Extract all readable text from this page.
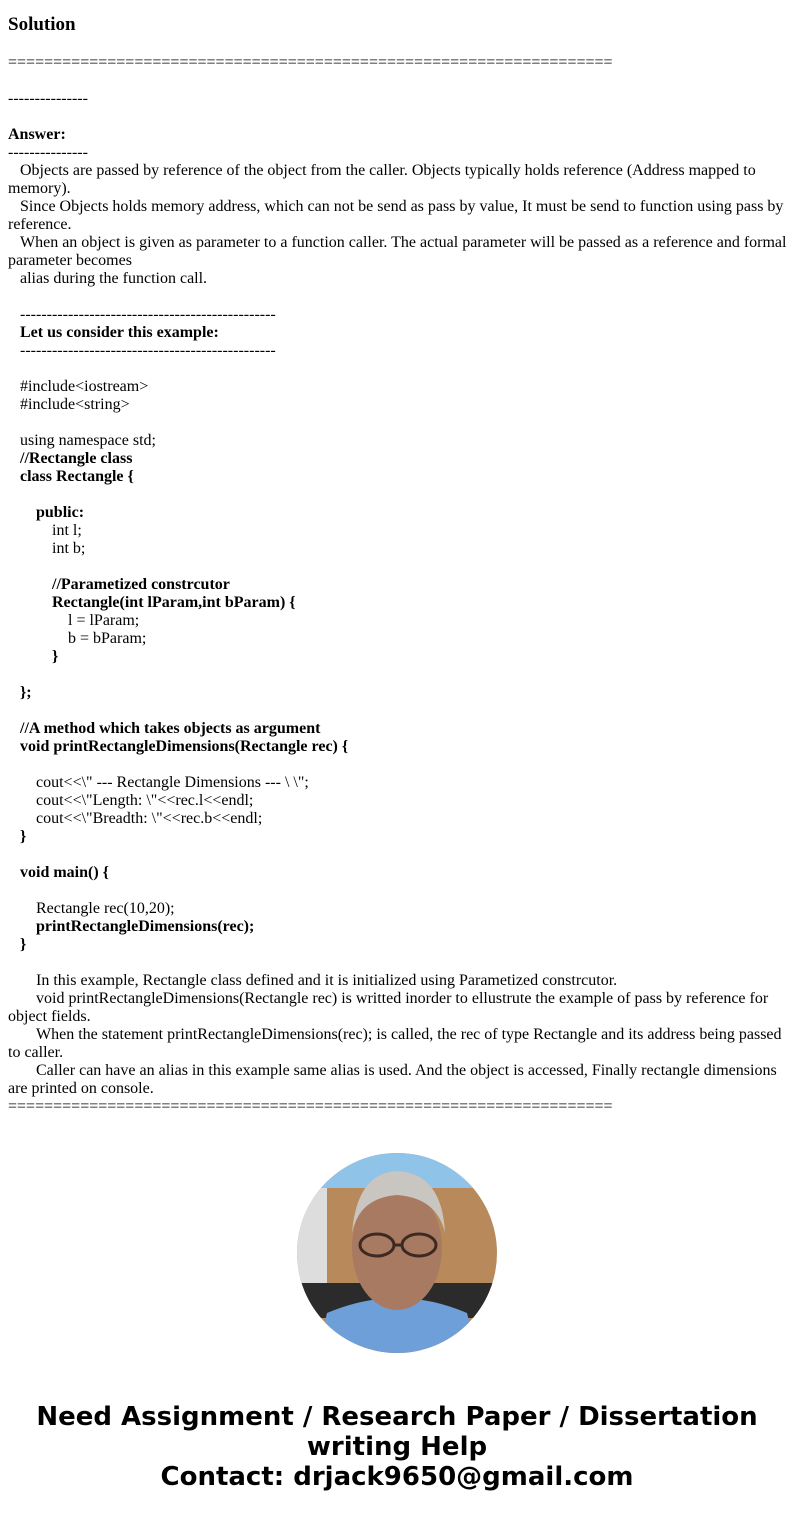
Solution
===================================================================
---------------
Answer:
---------------
Objects are passed by reference of the object from the caller. Objects typically holds reference (Address mapped to memory).
Since Objects holds memory address, which can not be send as pass by value, It must be send to function using pass by reference.
When an object is given as parameter to a function caller. The actual parameter will be passed as a reference and formal parameter becomes
alias during the function call.
------------------------------------------------
Let us consider this example:
------------------------------------------------
#include<iostream>
#include<string>
using namespace std;
//Rectangle class
class Rectangle {
public:
int l;
int b;
//Parametized constrcutor
Rectangle(int lParam,int bParam) {
l = lParam;
b = bParam;
}
};
//A method which takes objects as argument
void printRectangleDimensions(Rectangle rec) {
cout<<\" --- Rectangle Dimensions --- \ \";
cout<<\"Length: \"<<rec.l<<endl;
cout<<\"Breadth: \"<<rec.b<<endl;
}
void main() {
Rectangle rec(10,20);
printRectangleDimensions(rec);
}
In this example, Rectangle class defined and it is initialized using Parametized constrcutor.
void printRectangleDimensions(Rectangle rec) is writted inorder to ellustrute the example of pass by reference for object fields.
When the statement printRectangleDimensions(rec); is called, the rec of type Rectangle and its address being passed to caller.
Caller can have an alias in this example same alias is used. And the object is accessed, Finally rectangle dimensions are printed on console.
===================================================================
Need Assignment / Research Paper / Dissertation
writing Help
Contact: drjack9650@gmail.com
